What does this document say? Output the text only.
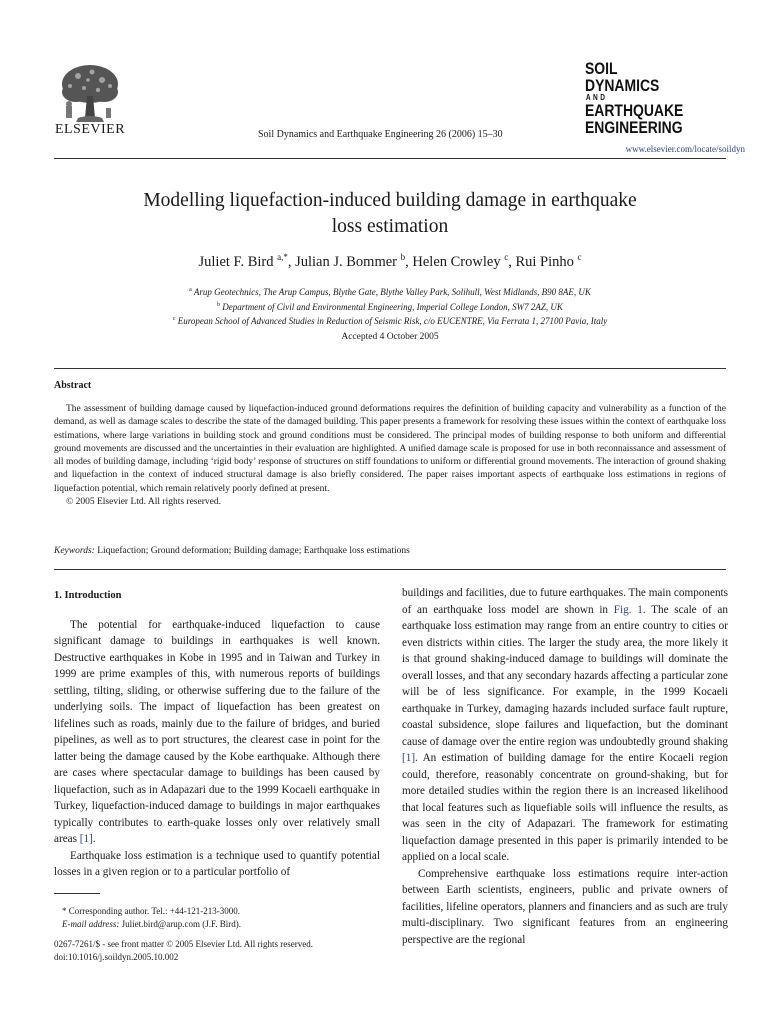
ELSEVIER	Soil Dynamics and Earthquake Engineering 26 (2006) 15–30
SOIL DYNAMICS
AND
EARTHQUAKE
ENGINEERING
www.elsevier.com/locate/soildyn
Modelling liquefaction-induced building damage in earthquake
loss estimation
Juliet F. Bird $^{a,*}$, Julian J. Bommer $^b$, Helen Crowley $^c$, Rui Pinho $^c$
$^a$ Arup Geotechnics, The Arup Campus, Blythe Gate, Blythe Valley Park, Solihull, West Midlands, B90 8AE, UK
$^b$ Department of Civil and Environmental Engineering, Imperial College London, SW7 2AZ, UK
$^c$ European School of Advanced Studies in Reduction of Seismic Risk, c/o EUCENTRE, Via Ferrata 1, 27100 Pavia, Italy
Accepted 4 October 2005
Abstract

The assessment of building damage caused by liquefaction-induced ground deformations requires the definition of building capacity and vulnerability as a function of the demand, as well as damage scales to describe the state of the damaged building. This paper presents a framework for resolving these issues within the context of earthquake loss estimations, where large variations in building stock and ground conditions must be considered. The principal modes of building response to both uniform and differential ground movements are discussed and the uncertainties in their evaluation are highlighted. A unified damage scale is proposed for use in both reconnaissance and assessment of all modes of building damage, including ‘rigid body’ response of structures on stiff foundations to uniform or differential ground movements. The interaction of ground shaking and liquefaction in the context of induced structural damage is also briefly considered. The paper raises important aspects of earthquake loss estimations in regions of liquefaction potential, which remain relatively poorly defined at present.

© 2005 Elsevier Ltd. All rights reserved.

Keywords: Liquefaction; Ground deformation; Building damage; Earthquake loss estimations
1. Introduction

The potential for earthquake-induced liquefaction to cause significant damage to buildings in earthquakes is well known. Destructive earthquakes in Kobe in 1995 and in Taiwan and Turkey in 1999 are prime examples of this, with numerous reports of buildings settling, tilting, sliding, or otherwise suffering due to the failure of the underlying soils. The impact of liquefaction has been greatest on lifelines such as roads, mainly due to the failure of bridges, and buried pipelines, as well as to port structures, the clearest case in point for the latter being the damage caused by the Kobe earthquake. Although there are cases where spectacular damage to buildings has been caused by liquefaction, such as in Adapazari due to the 1999 Kocaeli earthquake in Turkey, liquefaction-induced damage to buildings in major earthquakes typically contributes to earth-quake losses only over relatively small areas [1].

Earthquake loss estimation is a technique used to quantify potential losses in a given region or to a particular portfolio of

buildings and facilities, due to future earthquakes. The main components of an earthquake loss model are shown in Fig. 1. The scale of an earthquake loss estimation may range from an entire country to cities or even districts within cities. The larger the study area, the more likely it is that ground shaking-induced damage to buildings will dominate the overall losses, and that any secondary hazards affecting a particular zone will be of less significance. For example, in the 1999 Kocaeli earthquake in Turkey, damaging hazards included surface fault rupture, coastal subsidence, slope failures and liquefaction, but the dominant cause of damage over the entire region was undoubtedly ground shaking [1]. An estimation of building damage for the entire Kocaeli region could, therefore, reasonably concentrate on ground-shaking, but for more detailed studies within the region there is an increased likelihood that local features such as liquefiable soils will influence the results, as was seen in the city of Adapazari. The framework for estimating liquefaction damage presented in this paper is primarily intended to be applied on a local scale.

Comprehensive earthquake loss estimations require inter-action between Earth scientists, engineers, public and private owners of facilities, lifeline operators, planners and financiers and as such are truly multi-disciplinary. Two significant features from an engineering perspective are the regional

* Corresponding author. Tel.: +44-121-213-3000.
E-mail address: Juliet.bird@arup.com (J.F. Bird).
0267-7261/$ - see front matter © 2005 Elsevier Ltd. All rights reserved.
doi:10.1016/j.soildyn.2005.10.002
